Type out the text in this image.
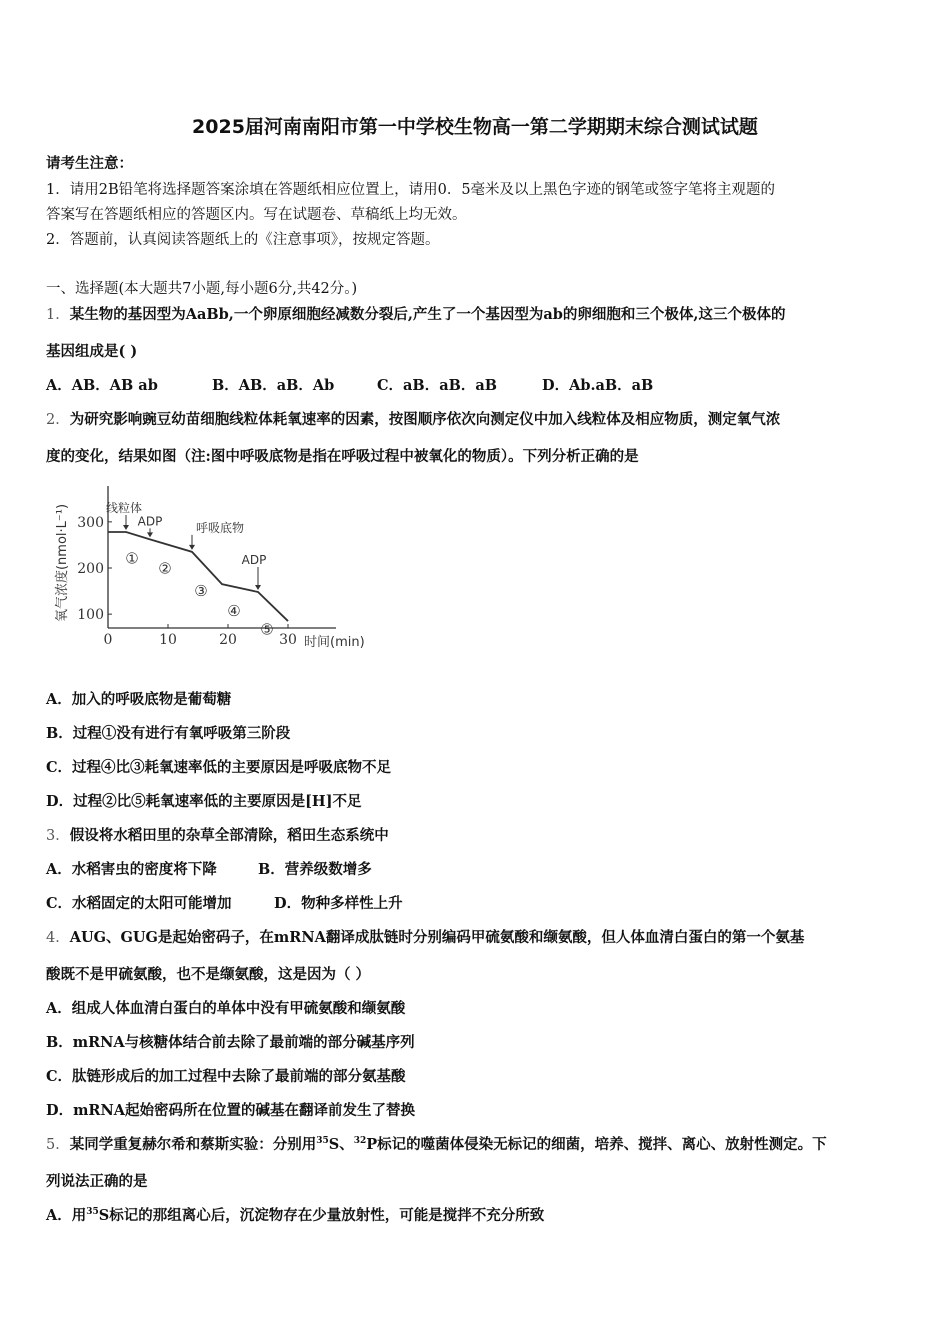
2025届河南南阳市第一中学校生物高一第二学期期末综合测试试题
请考生注意：
1．请用2B铅笔将选择题答案涂填在答题纸相应位置上，请用0．5毫米及以上黑色字迹的钢笔或签字笔将主观题的
答案写在答题纸相应的答题区内。写在试题卷、草稿纸上均无效。
2．答题前，认真阅读答题纸上的《注意事项》，按规定答题。
一、选择题(本大题共7小题,每小题6分,共42分。)
1．某生物的基因型为AaBb,一个卵原细胞经减数分裂后,产生了一个基因型为ab的卵细胞和三个极体,这三个极体的
基因组成是( )
A．AB．AB ab	B．AB．aB．Ab	C．aB．aB．aB	D．Ab.aB．aB
2．为研究影响豌豆幼苗细胞线粒体耗氧速率的因素，按图顺序依次向测定仪中加入线粒体及相应物质，测定氧气浓
度的变化，结果如图（注:图中呼吸底物是指在呼吸过程中被氧化的物质）。下列分析正确的是
100
200
300
0	10	20	30 时间(min)
氧气浓度(nmol·L⁻¹)	线粒体
ADP	呼吸底物
ADP
①
②
③
④
⑤
A．加入的呼吸底物是葡萄糖
B．过程①没有进行有氧呼吸第三阶段
C．过程④比③耗氧速率低的主要原因是呼吸底物不足
D．过程②比⑤耗氧速率低的主要原因是[H]不足
3．假设将水稻田里的杂草全部清除，稻田生态系统中
A．水稻害虫的密度将下降	B．营养级数增多
C．水稻固定的太阳可能增加	D．物种多样性上升
4．AUG、GUG是起始密码子，在mRNA翻译成肽链时分别编码甲硫氨酸和缬氨酸，但人体血清白蛋白的第一个氨基
酸既不是甲硫氨酸，也不是缬氨酸，这是因为（ ）
A．组成人体血清白蛋白的单体中没有甲硫氨酸和缬氨酸
B．mRNA与核糖体结合前去除了最前端的部分碱基序列
C．肽链形成后的加工过程中去除了最前端的部分氨基酸
D．mRNA起始密码所在位置的碱基在翻译前发生了替换
5．某同学重复赫尔希和蔡斯实验：分别用$^{35}$S、$^{32}$P标记的噬菌体侵染无标记的细菌，培养、搅拌、离心、放射性测定。下
列说法正确的是
A．用$^{35}$S标记的那组离心后，沉淀物存在少量放射性，可能是搅拌不充分所致
